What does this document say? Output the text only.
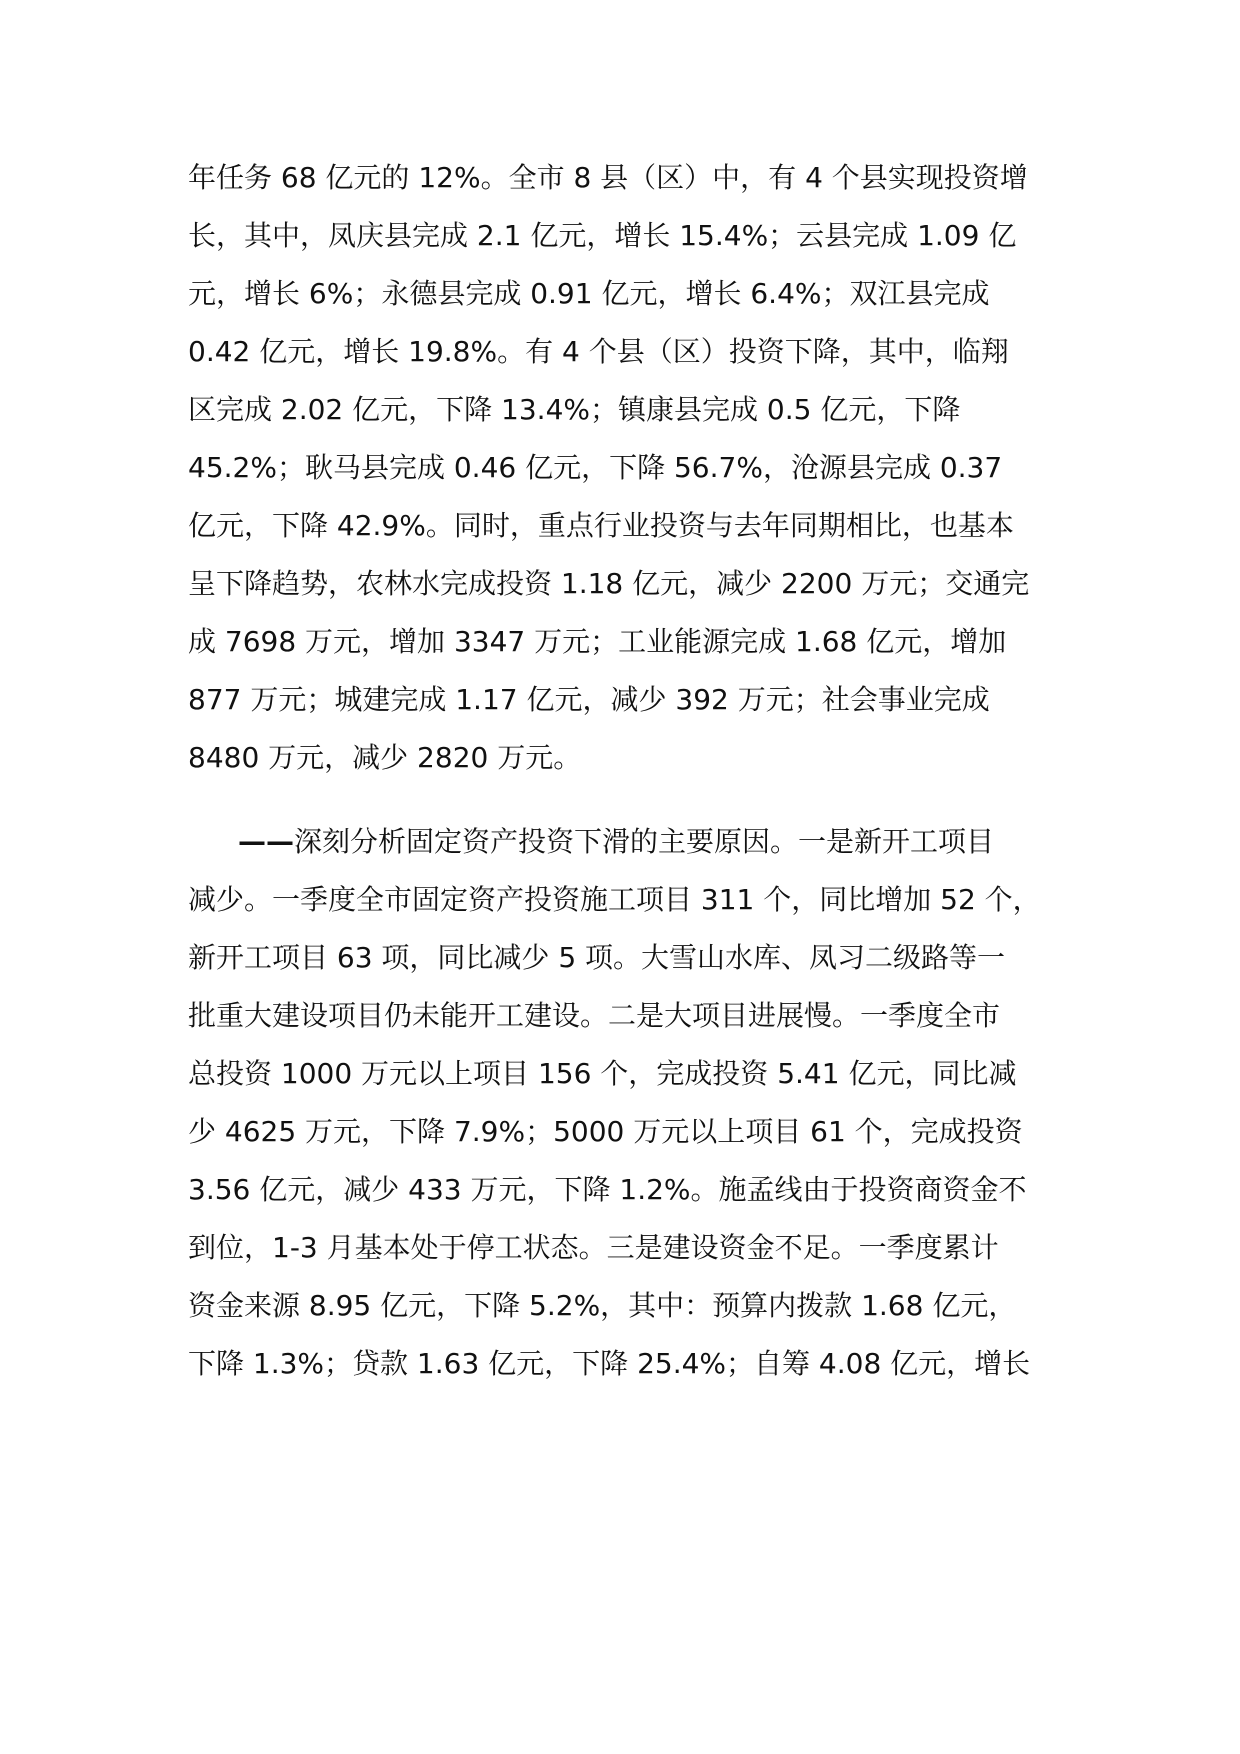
年任务 68 亿元的 12%。全市 8 县（区）中，有 4 个县实现投资增
长，其中，凤庆县完成 2.1 亿元，增长 15.4%；云县完成 1.09 亿
元，增长 6%；永德县完成 0.91 亿元，增长 6.4%；双江县完成
0.42 亿元，增长 19.8%。有 4 个县（区）投资下降，其中，临翔
区完成 2.02 亿元，下降 13.4%；镇康县完成 0.5 亿元，下降
45.2%；耿马县完成 0.46 亿元，下降 56.7%，沧源县完成 0.37
亿元，下降 42.9%。同时，重点行业投资与去年同期相比，也基本
呈下降趋势，农林水完成投资 1.18 亿元，减少 2200 万元；交通完
成 7698 万元，增加 3347 万元；工业能源完成 1.68 亿元，增加
877 万元；城建完成 1.17 亿元，减少 392 万元；社会事业完成
8480 万元，减少 2820 万元。
——深刻分析固定资产投资下滑的主要原因。一是新开工项目
减少。一季度全市固定资产投资施工项目 311 个，同比增加 52 个，
新开工项目 63 项，同比减少 5 项。大雪山水库、凤习二级路等一
批重大建设项目仍未能开工建设。二是大项目进展慢。一季度全市
总投资 1000 万元以上项目 156 个，完成投资 5.41 亿元，同比减
少 4625 万元，下降 7.9%；5000 万元以上项目 61 个，完成投资
3.56 亿元，减少 433 万元，下降 1.2%。施孟线由于投资商资金不
到位，1-3 月基本处于停工状态。三是建设资金不足。一季度累计
资金来源 8.95 亿元，下降 5.2%，其中：预算内拨款 1.68 亿元，
下降 1.3%；贷款 1.63 亿元，下降 25.4%；自筹 4.08 亿元，增长
